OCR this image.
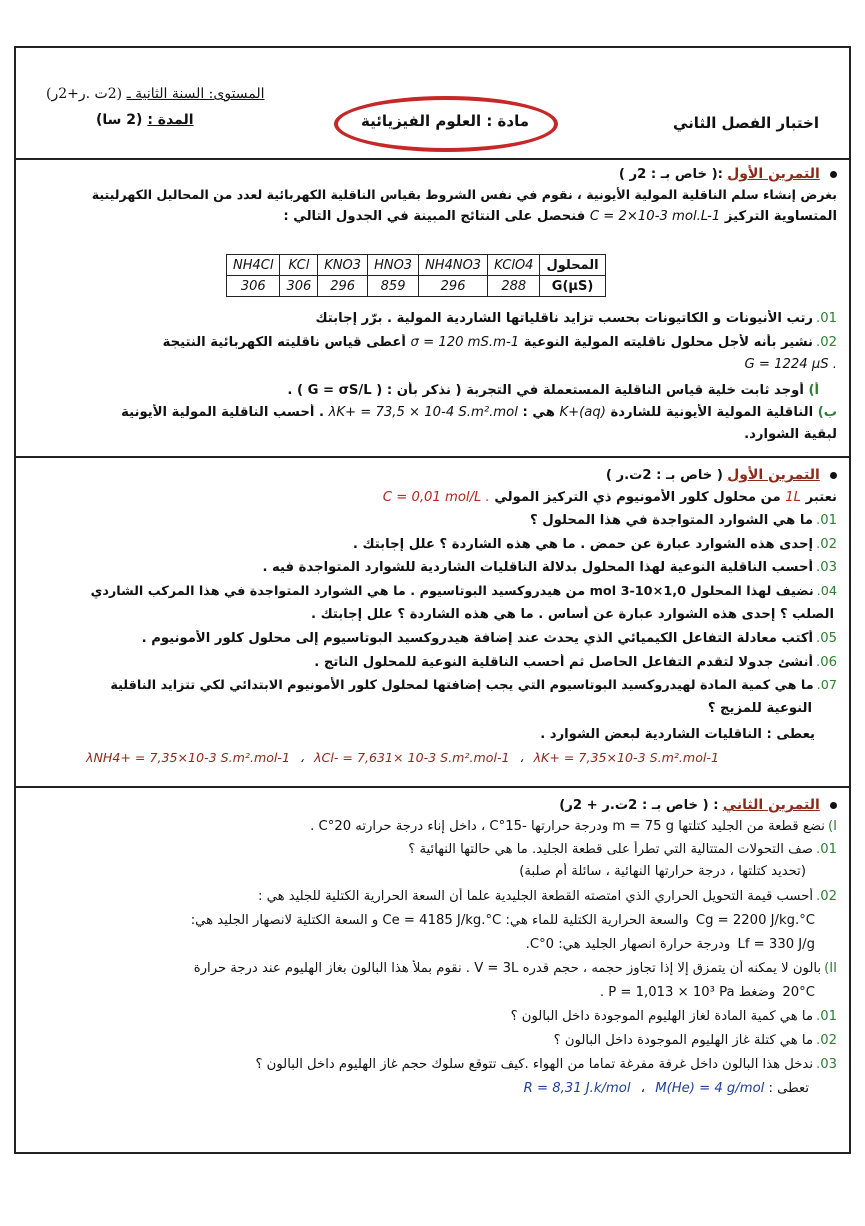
المستوى: السنة الثانية ـ (2ت .ر+2ر)
المدة : (2 سا)	مادة : العلوم الفيزيائية	اختبار الفصل الثاني
التمرين الأول :( خاص بـ : 2ر )
بغرض إنشاء سلم الناقلية المولية الأيونية ، نقوم في نفس الشروط بقياس الناقلية الكهربائية لعدد من المحاليل الكهرليتية
المتساوية التركيز C = 2×10-3 mol.L-1 فنحصل على النتائج المبينة في الجدول التالي :
NH4Cl	KCl	KNO3	HNO3	NH4NO3	KClO4	المحلول
306	306	296	859	296	288	G(µS)
01.رتب الأنيونات و الكاتيونات بحسب تزايد ناقلياتها الشاردية المولية . برّر إجابتك
02.نشير بأنه لأجل محلول ناقليته المولية النوعية σ = 120 mS.m-1 أعطى قياس ناقليته الكهربائية النتيجة
G = 1224 µS .
أ) أوجد ثابت خلية قياس الناقلية المستعملة في التجربة ( نذكر بأن : ( G = σS/L ) .
ب) الناقلية المولية الأيونية للشاردة K+(aq) هي : λK+ = 73,5 × 10-4 S.m².mol . أحسب الناقلية المولية الأيونية
لبقية الشوارد.
التمرين الأول ( خاص بـ : 2ت.ر )
نعتبر 1L من محلول كلور الأمونيوم ذي التركيز المولي C = 0,01 mol/L .
01.ما هي الشوارد المتواجدة في هذا المحلول ؟
02.إحدى هذه الشوارد عبارة عن حمض . ما هي هذه الشاردة ؟ علل إجابتك .
03.أحسب الناقلية النوعية لهذا المحلول بدلالة الناقليات الشاردية للشوارد المتواجدة فيه .
04.نضيف لهذا المحلول 1,0×10-3 mol من هيدروكسيد البوتاسيوم . ما هي الشوارد المتواجدة في هذا المركب الشاردي
الصلب ؟ إحدى هذه الشوارد عبارة عن أساس . ما هي هذه الشاردة ؟ علل إجابتك .
05.أكتب معادلة التفاعل الكيميائي الذي يحدث عند إضافة هيدروكسيد البوتاسيوم إلى محلول كلور الأمونيوم .
06.أنشئ جدولا لتقدم التفاعل الحاصل ثم أحسب الناقلية النوعية للمحلول الناتج .
07.ما هي كمية المادة لهيدروكسيد البوتاسيوم التي يجب إضافتها لمحلول كلور الأمونيوم الابتدائي لكي تتزايد الناقلية
النوعية للمزيج ؟
يعطى : الناقليات الشاردية لبعض الشوارد .
λNH4+ = 7,35×10-3 S.m².mol-1 ، λCl- = 7,631× 10-3 S.m².mol-1 ، λK+ = 7,35×10-3 S.m².mol-1
التمرين الثاني : ( خاص بـ : 2ت.ر + 2ر)
I)نضع قطعة من الجليد كتلتها m = 75 g ودرجة حرارتها -15°C ، داخل إناء درجة حرارته 20°C .
01.صف التحولات المتتالية التي تطرأ على قطعة الجليد. ما هي حالتها النهائية ؟
(تحديد كتلتها ، درجة حرارتها النهائية ، سائلة أم صلبة)
02.أحسب قيمة التحويل الحراري الذي امتصته القطعة الجليدية علما أن السعة الحرارية الكتلية للجليد هي :
Cg = 2200 J/kg.°C والسعة الحرارية الكتلية للماء هي: Ce = 4185 J/kg.°C و السعة الكتلية لانصهار الجليد هي:
Lf = 330 J/g ودرجة حرارة انصهار الجليد هي: 0°C.
II)بالون لا يمكنه أن يتمزق إلا إذا تجاوز حجمه ، حجم قدره V = 3L . نقوم بملأ هذا البالون بغاز الهليوم عند درجة حرارة
20°C وضغط P = 1,013 × 10³ Pa .
01.ما هي كمية المادة لغاز الهليوم الموجودة داخل البالون ؟
02.ما هي كتلة غاز الهليوم الموجودة داخل البالون ؟
03.ندخل هذا البالون داخل غرفة مفرغة تماما من الهواء .كيف تتوقع سلوك حجم غاز الهليوم داخل البالون ؟
تعطى : R = 8,31 J.k/mol ، M(He) = 4 g/mol
